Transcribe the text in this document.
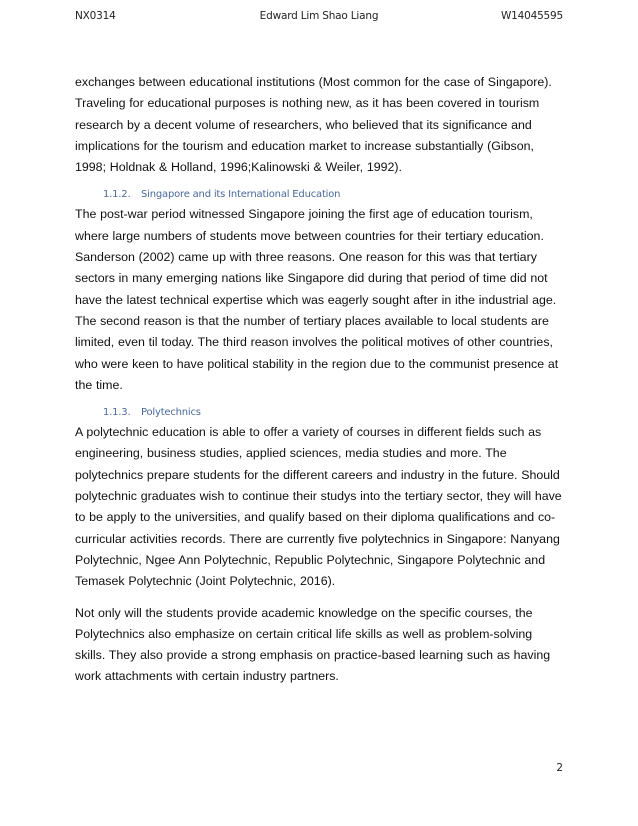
NX0314	Edward Lim Shao Liang	W14045595

exchanges between educational institutions (Most common for the case of Singapore). Traveling for educational purposes is nothing new, as it has been covered in tourism research by a decent volume of researchers, who believed that its significance and implications for the tourism and education market to increase substantially (Gibson, 1998; Holdnak & Holland, 1996;Kalinowski & Weiler, 1992).

1.1.2. Singapore and its International Education

The post-war period witnessed Singapore joining the first age of education tourism, where large numbers of students move between countries for their tertiary education. Sanderson (2002) came up with three reasons. One reason for this was that tertiary sectors in many emerging nations like Singapore did during that period of time did not have the latest technical expertise which was eagerly sought after in ithe industrial age. The second reason is that the number of tertiary places available to local students are limited, even til today. The third reason involves the political motives of other countries, who were keen to have political stability in the region due to the communist presence at the time.

1.1.3. Polytechnics

A polytechnic education is able to offer a variety of courses in different fields such as engineering, business studies, applied sciences, media studies and more. The polytechnics prepare students for the different careers and industry in the future. Should polytechnic graduates wish to continue their studys into the tertiary sector, they will have to be apply to the universities, and qualify based on their diploma qualifications and co-curricular activities records. There are currently five polytechnics in Singapore: Nanyang Polytechnic, Ngee Ann Polytechnic, Republic Polytechnic, Singapore Polytechnic and Temasek Polytechnic (Joint Polytechnic, 2016).

Not only will the students provide academic knowledge on the specific courses, the Polytechnics also emphasize on certain critical life skills as well as problem-solving skills. They also provide a strong emphasis on practice-based learning such as having work attachments with certain industry partners.

2
